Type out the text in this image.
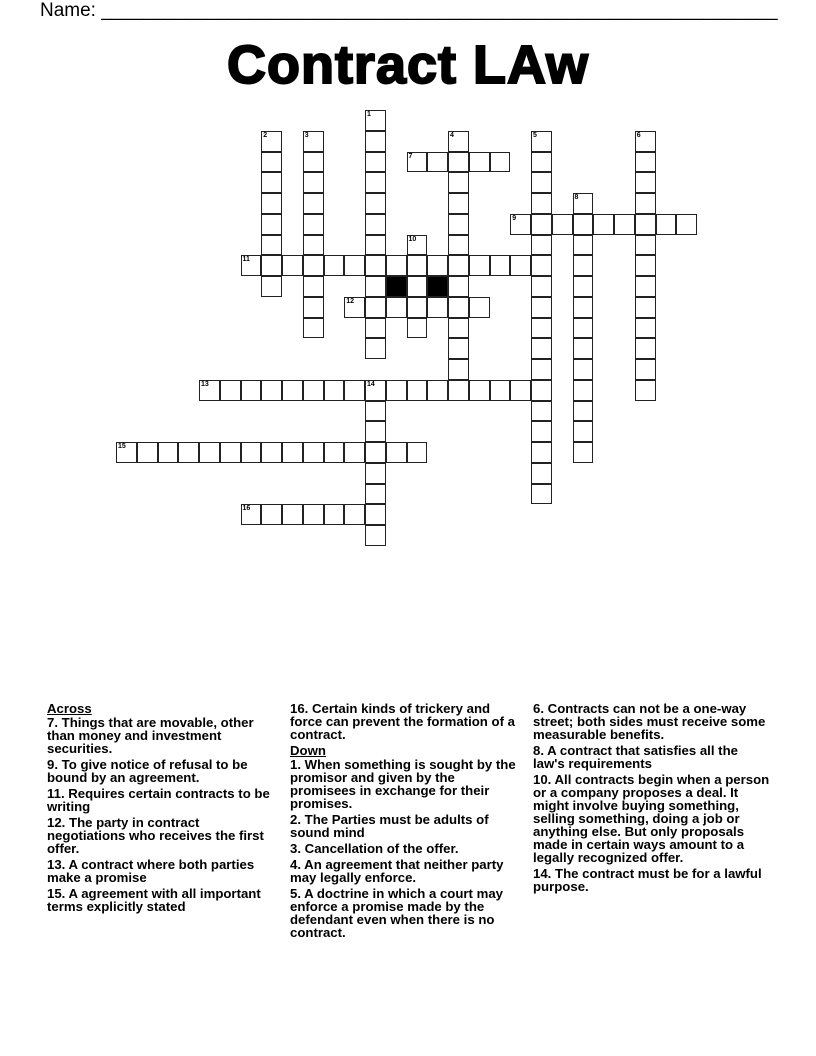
Name: ________________________________________________________________
Contract LAw
1
2	3	4	5	6
8
10
14
7
9
11
12
13
15
16
Across
7. Things that are movable, other than money and investment securities.
9. To give notice of refusal to be bound by an agreement.
11. Requires certain contracts to be writing
12. The party in contract negotiations who receives the first offer.
13. A contract where both parties make a promise
15. A agreement with all important terms explicitly stated
16. Certain kinds of trickery and force can prevent the formation of a contract.
Down
1. When something is sought by the promisor and given by the promisees in exchange for their promises.
2. The Parties must be adults of sound mind
3. Cancellation of the offer.
4. An agreement that neither party may legally enforce.
5. A doctrine in which a court may enforce a promise made by the defendant even when there is no contract.
6. Contracts can not be a one-way street; both sides must receive some measurable benefits.
8. A contract that satisfies all the law's requirements
10. All contracts begin when a person or a company proposes a deal. It might involve buying something, selling something, doing a job or anything else. But only proposals made in certain ways amount to a legally recognized offer.
14. The contract must be for a lawful purpose.
